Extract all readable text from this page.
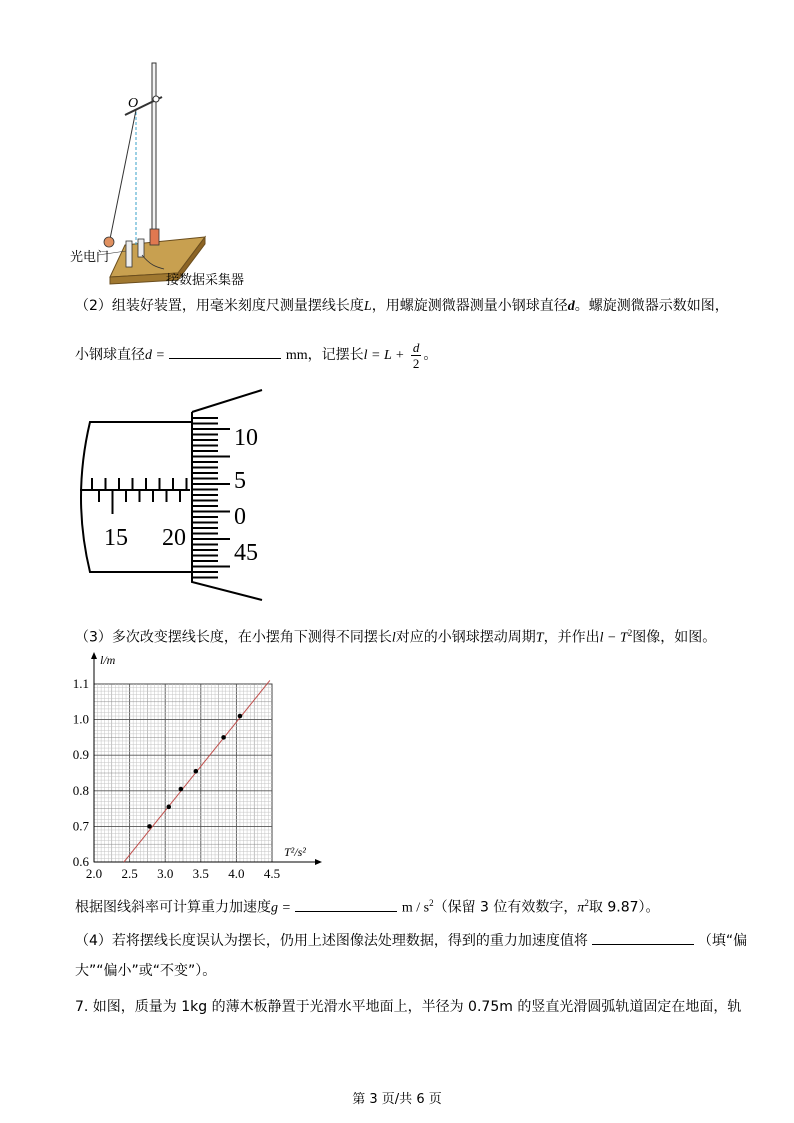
O
光电门
接数据采集器
（2）组装好装置，用毫米刻度尺测量摆线长度L，用螺旋测微器测量小钢球直径d。螺旋测微器示数如图，
小钢球直径d =	mm，记摆长$l = L + \frac{d}{2}$ 。
15 20
10
5
0
45
（3）多次改变摆线长度，在小摆角下测得不同摆长l对应的小钢球摆动周期T，并作出$l - T^2$图像，如图。
2.0 2.5 3.0 3.5 4.0 4.5
0.6
0.7
0.8
0.9
1.0
1.1
l/m
T²/s²
根据图线斜率可计算重力加速度g =	m / $s^2$（保留 3 位有效数字，$\pi^2$取 9.87）。
（4）若将摆线长度误认为摆长，仍用上述图像法处理数据，得到的重力加速度值将	（填“偏
大”“偏小”或“不变”）。
7. 如图，质量为 1kg 的薄木板静置于光滑水平地面上，半径为 0.75m 的竖直光滑圆弧轨道固定在地面，轨
第 3 页/共 6 页
